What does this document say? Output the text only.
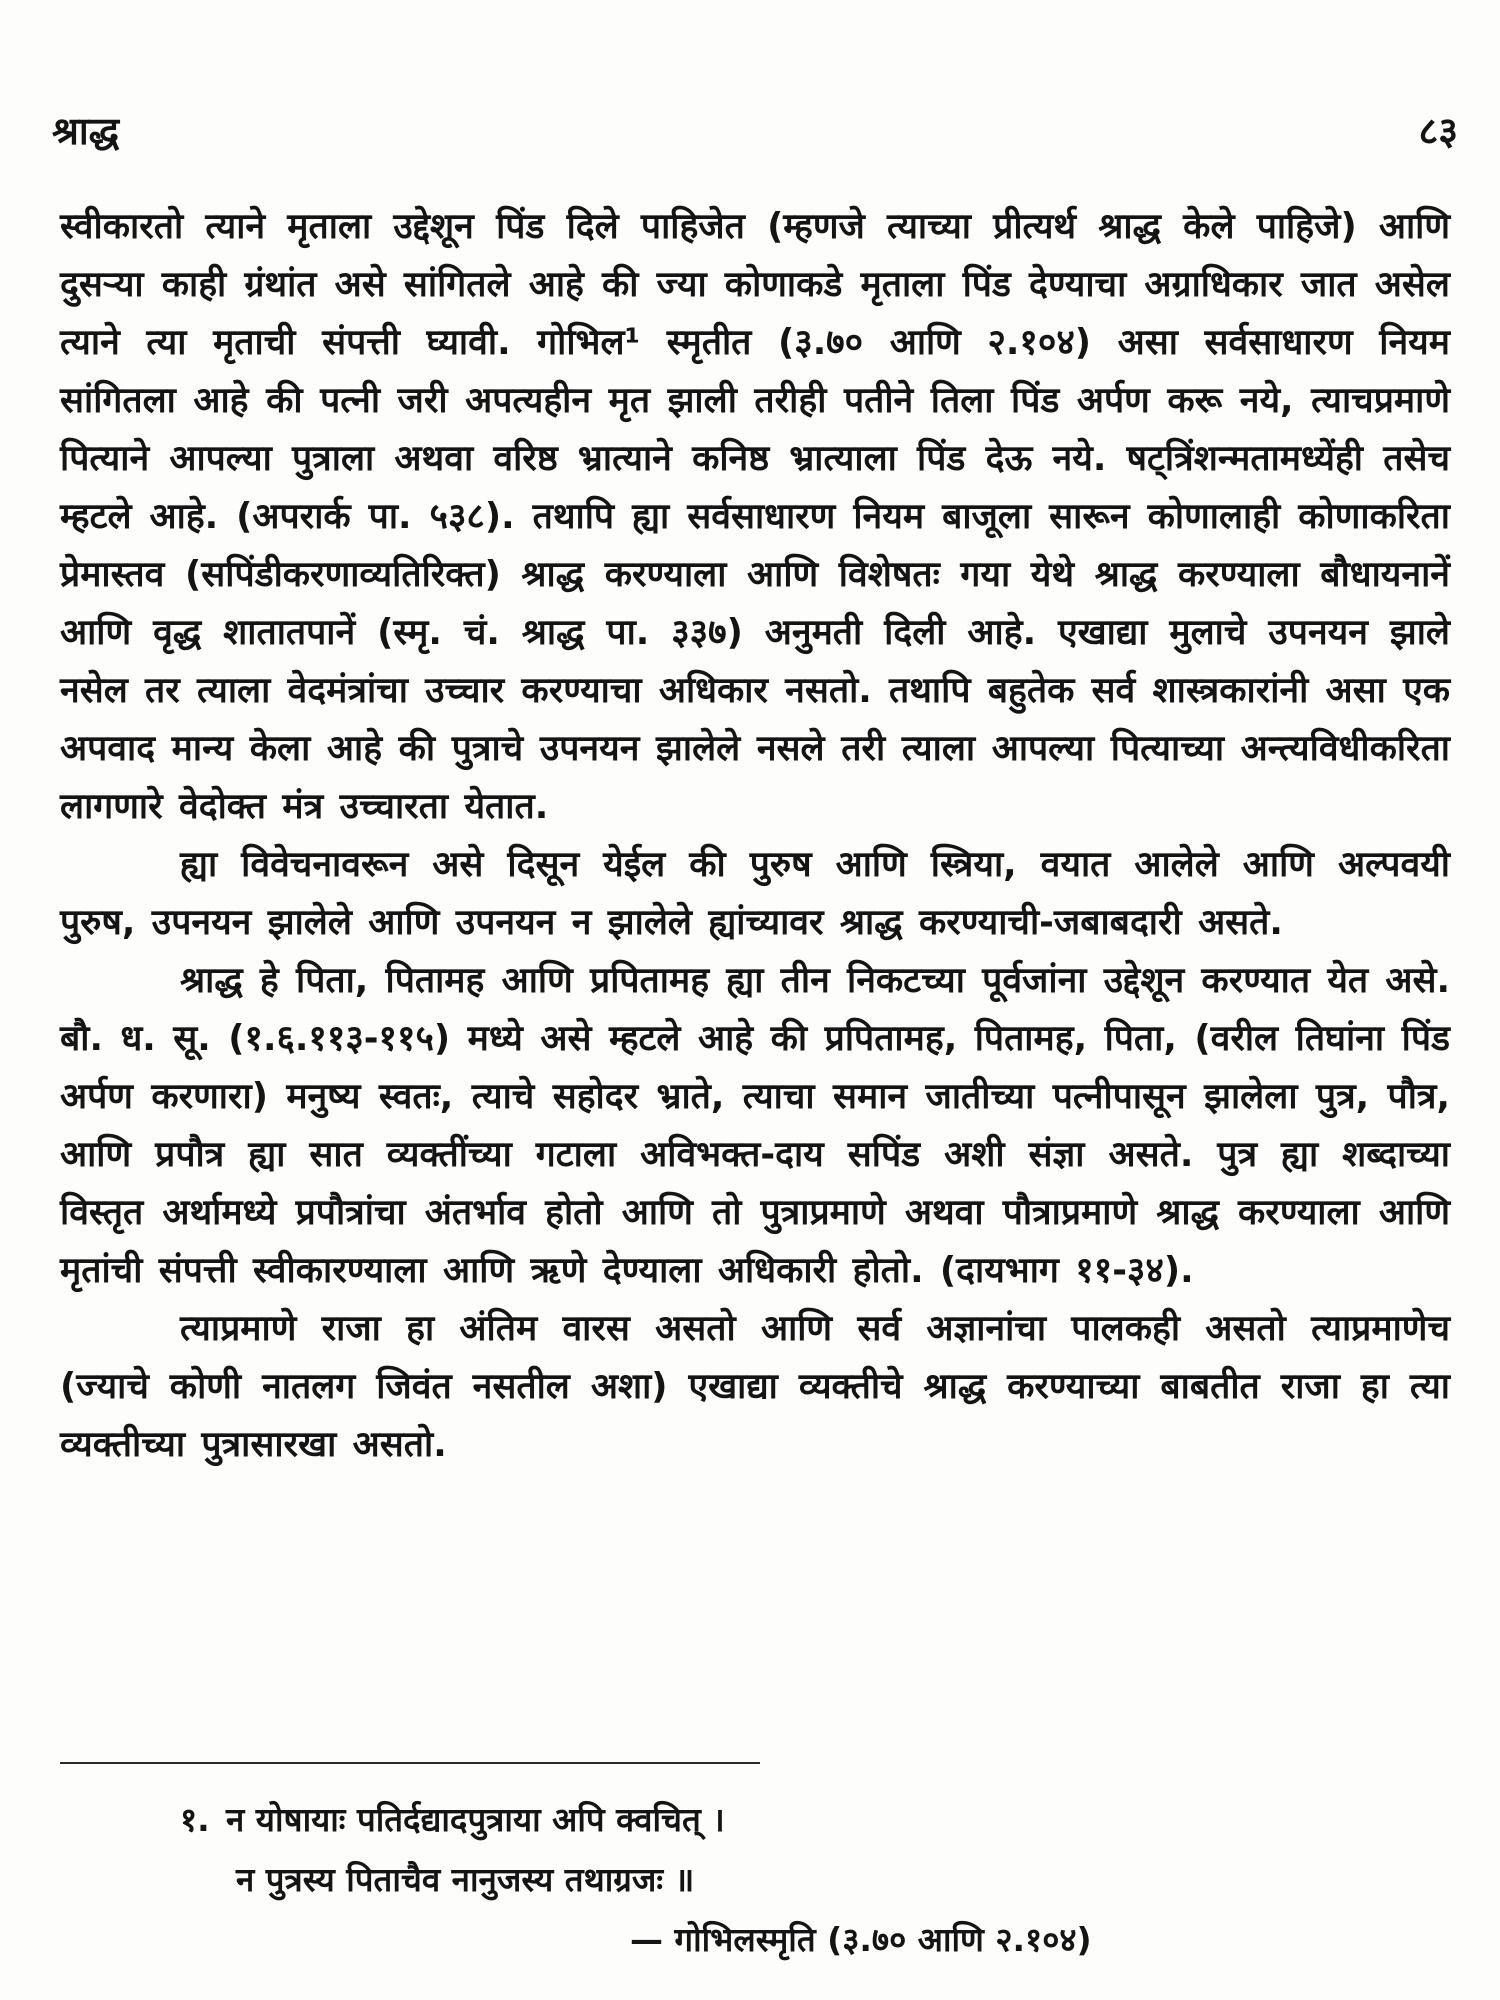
श्राद्ध	८३

स्वीकारतो त्याने मृताला उद्देशून पिंड दिले पाहिजेत (म्हणजे त्याच्या प्रीत्यर्थ श्राद्ध केले पाहिजे) आणि दुसऱ्या काही ग्रंथांत असे सांगितले आहे की ज्या कोणाकडे मृताला पिंड देण्याचा अग्राधिकार जात असेल त्याने त्या मृताची संपत्ती घ्यावी. गोभिल¹ स्मृतीत (३.७० आणि २.१०४) असा सर्वसाधारण नियम सांगितला आहे की पत्नी जरी अपत्यहीन मृत झाली तरीही पतीने तिला पिंड अर्पण करू नये, त्याचप्रमाणे पित्याने आपल्या पुत्राला अथवा वरिष्ठ भ्रात्याने कनिष्ठ भ्रात्याला पिंड देऊ नये. षट्त्रिंशन्मतामध्येंही तसेच म्हटले आहे. (अपरार्क पा. ५३८). तथापि ह्या सर्वसाधारण नियम बाजूला सारून कोणालाही कोणाकरिता प्रेमास्तव (सपिंडीकरणाव्यतिरिक्त) श्राद्ध करण्याला आणि विशेषतः गया येथे श्राद्ध करण्याला बौधायनानें आणि वृद्ध शातातपानें (स्मृ. चं. श्राद्ध पा. ३३७) अनुमती दिली आहे. एखाद्या मुलाचे उपनयन झाले नसेल तर त्याला वेदमंत्रांचा उच्चार करण्याचा अधिकार नसतो. तथापि बहुतेक सर्व शास्त्रकारांनी असा एक अपवाद मान्य केला आहे की पुत्राचे उपनयन झालेले नसले तरी त्याला आपल्या पित्याच्या अन्त्यविधीकरिता लागणारे वेदोक्त मंत्र उच्चारता येतात.

ह्या विवेचनावरून असे दिसून येईल की पुरुष आणि स्त्रिया, वयात आलेले आणि अल्पवयी पुरुष, उपनयन झालेले आणि उपनयन न झालेले ह्यांच्यावर श्राद्ध करण्याची-जबाबदारी असते.

श्राद्ध हे पिता, पितामह आणि प्रपितामह ह्या तीन निकटच्या पूर्वजांना उद्देशून करण्यात येत असे. बौ. ध. सू. (१.६.११३-११५) मध्ये असे म्हटले आहे की प्रपितामह, पितामह, पिता, (वरील तिघांना पिंड अर्पण करणारा) मनुष्य स्वतः, त्याचे सहोदर भ्राते, त्याचा समान जातीच्या पत्नीपासून झालेला पुत्र, पौत्र, आणि प्रपौत्र ह्या सात व्यक्तींच्या गटाला अविभक्त-दाय सपिंड अशी संज्ञा असते. पुत्र ह्या शब्दाच्या विस्तृत अर्थामध्ये प्रपौत्रांचा अंतर्भाव होतो आणि तो पुत्राप्रमाणे अथवा पौत्राप्रमाणे श्राद्ध करण्याला आणि मृतांची संपत्ती स्वीकारण्याला आणि ऋणे देण्याला अधिकारी होतो. (दायभाग ११-३४).

त्याप्रमाणे राजा हा अंतिम वारस असतो आणि सर्व अज्ञानांचा पालकही असतो त्याप्रमाणेच (ज्याचे कोणी नातलग जिवंत नसतील अशा) एखाद्या व्यक्तीचे श्राद्ध करण्याच्या बाबतीत राजा हा त्या व्यक्तीच्या पुत्रासारखा असतो.

१. न योषायाः पतिर्दद्यादपुत्राया अपि क्वचित् ।
न पुत्रस्य पिताचैव नानुजस्य तथाग्रजः ॥
— गोभिलस्मृति (३.७० आणि २.१०४)
